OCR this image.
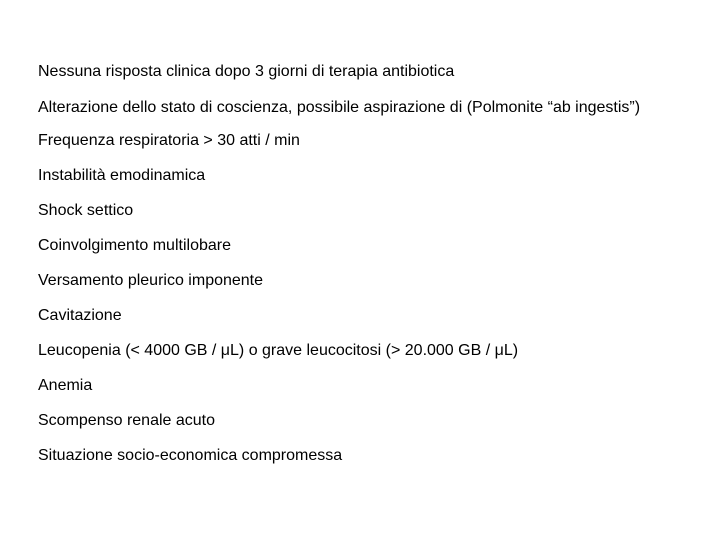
Nessuna risposta clinica dopo 3 giorni di terapia antibiotica
Alterazione dello stato di coscienza, possibile aspirazione di (Polmonite “ab ingestis”)
Frequenza respiratoria > 30 atti / min
Instabilità emodinamica
Shock settico
Coinvolgimento multilobare
Versamento pleurico imponente
Cavitazione
Leucopenia (< 4000 GB / μL) o grave leucocitosi (> 20.000 GB / μL)
Anemia
Scompenso renale acuto
Situazione socio-economica compromessa
